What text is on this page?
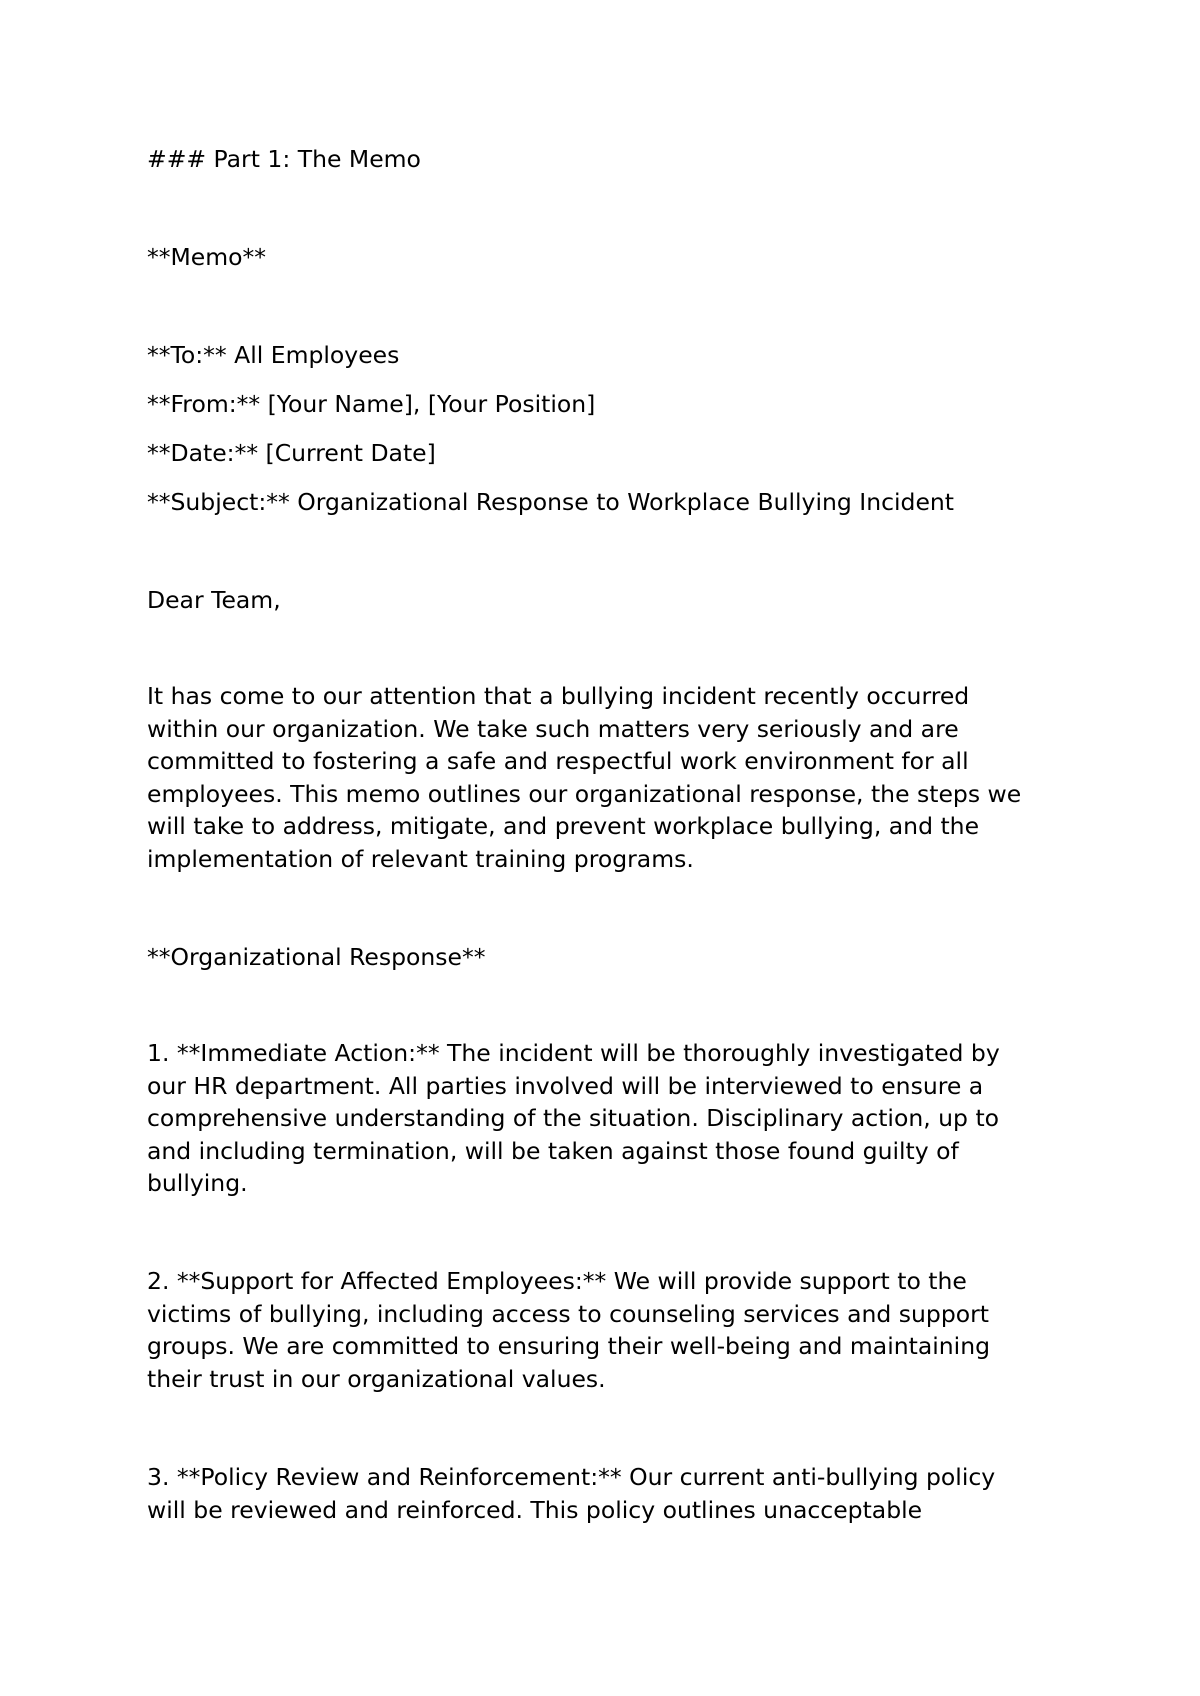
### Part 1: The Memo
**Memo**
**To:** All Employees
**From:** [Your Name], [Your Position]
**Date:** [Current Date]
**Subject:** Organizational Response to Workplace Bullying Incident
Dear Team,
It has come to our attention that a bullying incident recently occurred
within our organization. We take such matters very seriously and are
committed to fostering a safe and respectful work environment for all
employees. This memo outlines our organizational response, the steps we
will take to address, mitigate, and prevent workplace bullying, and the
implementation of relevant training programs.
**Organizational Response**
1. **Immediate Action:** The incident will be thoroughly investigated by
our HR department. All parties involved will be interviewed to ensure a
comprehensive understanding of the situation. Disciplinary action, up to
and including termination, will be taken against those found guilty of
bullying.
2. **Support for Affected Employees:** We will provide support to the
victims of bullying, including access to counseling services and support
groups. We are committed to ensuring their well-being and maintaining
their trust in our organizational values.
3. **Policy Review and Reinforcement:** Our current anti-bullying policy
will be reviewed and reinforced. This policy outlines unacceptable
